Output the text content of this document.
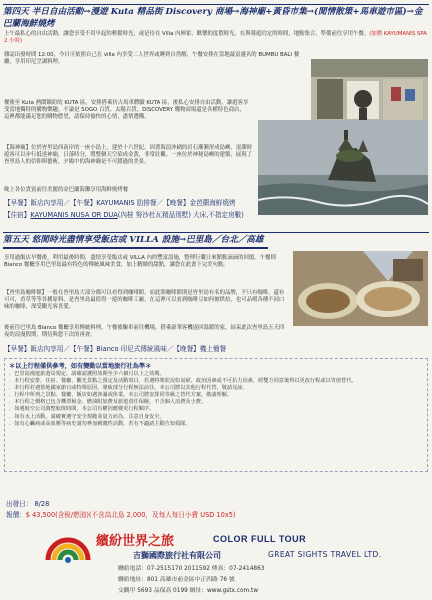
第四天 半日自由活動→漫遊 Kuta 精品街 Discovery 商場→海神廟+黃昏市集→(閒情散策+馬車遊市區)→金巴蘭海鮮燒烤
上午最私心的自由活動，讓您享受不用早起的輕鬆時光，或是待在 Villa 內揮霍、歡樂的度假時光，在與導遊約定的時間，地點集合，準備前往享用午餐。(加贈 KAYUMANIS SPA 2 小時)
雜誌出發時間 12:00，今日可依照自己在 villa 內享受二人世界或睡到自然醒，午餐安排在當地最富盛名的 BUMBU BALI 餐廳，享用印尼烹調料理。
餐後至 Kuta 熱鬧繽紛的 KUTA 區，安排搭乘仿古馬車體驗 KUTA 區，後私心安排自由活動，讓遊客享受當地獨特的購物樂趣。不論是 SOGO 百貨、太陽百貨、DISCOVERY 購物商場還是各種特色商店，這裡都能滿足您的購物慾望，請保持愉快的心情，盡情選購。
【海神廟】位於峇里島西南岸的一座小島上，建於十六世紀，因著海浪沖刷的岩石漸漸形成島嶼，退潮時遊客可以步行抵達神廟，日落時分，將整個天空染成金黃，非常壯觀。一座位於神秘島嶼的建築，展現了峇里島人的信仰與藝術，夕陽中的海神廟是不可錯過的美景。
晚上各位貴賓前往美麗的金巴蘭海灘享用海鮮燒烤餐
【早餐】飯店內享用／【午餐】KAYUMANIS 肋排餐／【晚餐】金芭蘭海鮮燒烤
【住宿】KAYUMANIS NUSA OR DUA(內桂 努沙杜瓦精品別墅) 大床,不指定房數)
第五天 悠閒時光盡情享受飯店或 VILLA 設施→巴里島／台北／高雄
享用過飯店早餐後，利用最後時間，盡情享受飯店或 VILLA 內的豐富設施，整理行囊日來點點滴滴的回憶。午餐則 Bianco 餐廳享用巴里島最有特色的傳統風味美食，加上精緻的甜點，讓您在此畫下完美句點。
【峇里島咖啡館】一般在峇里島大部分都可以看得到咖啡館，而此間咖啡館則是峇里島有名的品牌，不只有咖啡，還有可可，香草等等各種原料，是峇里島最值得一遊的咖啡工廠。在這裡可以看到咖啡豆如何被烘焙，也可品嚐各種不同口味的咖啡，深受觀光客喜愛。
後前往巴里島 Bianco 餐廳享用傳統料理，午餐後驅車前往機場，搭乘豪華客機返回溫暖的家，結束此次峇里島五天四夜的浪漫假期，期待與您下次的再會。
【早餐】飯店內享用／【午餐】Bianco 印尼式傳統風味／【晚餐】機上簡餐
＊以上行程僅供參考，如有變動以當地旅行社為準＊
．巴里島漫遊旅遊局規定，請確認護照效期至少六個月以上之效期。
．本行程安排，住宿、餐廳、觀光景點之預定及活動項目，若遇特殊狀況如氣候、政治因素或不可抗力因素，經雙方同意後得以更改行程或以等值替代。
．本行程若遇當地國家節日或特殊原因，導致部分行程無法前往，本公司將以其他行程代替，敬請見諒。
．行程中所列之景點、餐廳、飯店如遇客滿或休業，本公司將安排同等級之替代方案，敬請理解。
．本行程之價格已包含機票稅金、燃油附加費及旅遊責任保險，不含個人消費及小費。
．如遇航空公司調整航班時間，本公司有權因應變更行程順序。
．如有水上活動，請確實遵守安全規範並量力而為，注意自身安全。
．如有心臟病或高血壓等病史請勿參加刺激性活動，若有不適請主動告知領隊。
出發日： 8/28
報價：$ 43,500(含稅/燃油)(不含高北島 2,000，及每人每日小費 USD 10x5)
繽紛世界之旅	COLOR FULL TOUR
吉獅國際旅行社有限公司	GREAT SIGHTS TRAVEL LTD.
聯絡電話：07-2515170 2011592 傳真：07-2414863
聯絡地址：801 高雄市前金區中正四路 76 號
交觀甲 5693 品保高 0199 網址：www.gstx.com.tw
